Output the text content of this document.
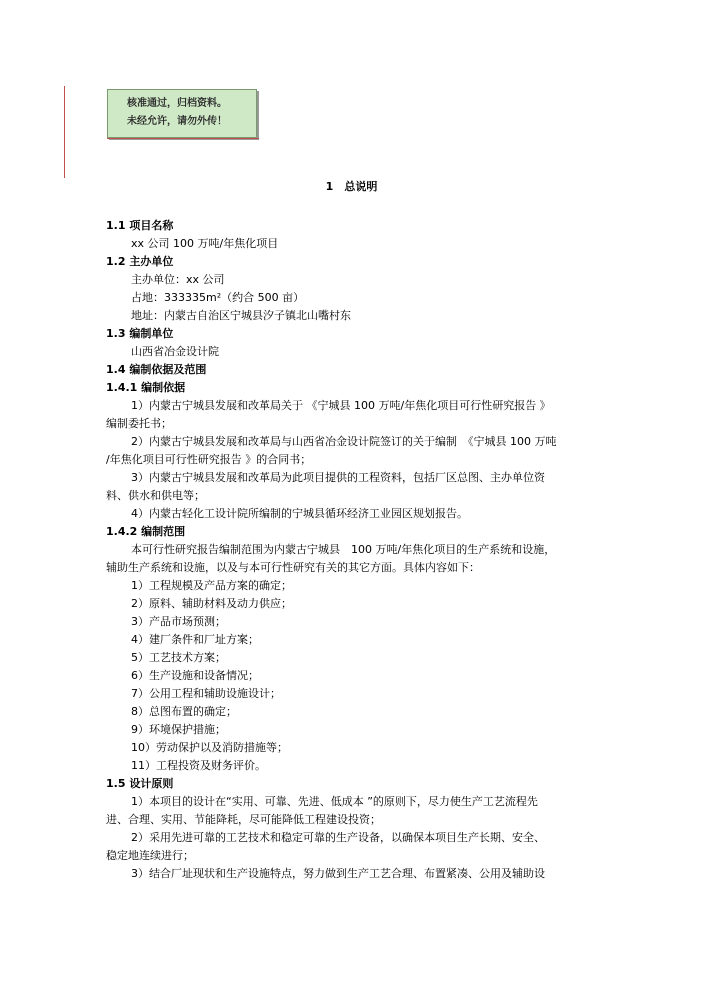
核准通过，归档资料。
未经允许，请勿外传！
1　总说明
1.1 项目名称
xx 公司 100 万吨/年焦化项目
1.2 主办单位
主办单位：xx 公司
占地：333335m²（约合 500 亩）
地址：内蒙古自治区宁城县汐子镇北山嘴村东
1.3 编制单位
山西省冶金设计院
1.4 编制依据及范围
1.4.1 编制依据
1）内蒙古宁城县发展和改革局关于 《宁城县 100 万吨/年焦化项目可行性研究报告 》
编制委托书；
2）内蒙古宁城县发展和改革局与山西省冶金设计院签订的关于编制　《宁城县 100 万吨
/年焦化项目可行性研究报告 》的合同书；
3）内蒙古宁城县发展和改革局为此项目提供的工程资料，包括厂区总图、主办单位资
料、供水和供电等；
4）内蒙古轻化工设计院所编制的宁城县循环经济工业园区规划报告。
1.4.2 编制范围
本可行性研究报告编制范围为内蒙古宁城县　100 万吨/年焦化项目的生产系统和设施，
辅助生产系统和设施，以及与本可行性研究有关的其它方面。具体内容如下：
1）工程规模及产品方案的确定；
2）原料、辅助材料及动力供应；
3）产品市场预测；
4）建厂条件和厂址方案；
5）工艺技术方案；
6）生产设施和设备情况；
7）公用工程和辅助设施设计；
8）总图布置的确定；
9）环境保护措施；
10）劳动保护以及消防措施等；
11）工程投资及财务评价。
1.5 设计原则
1）本项目的设计在“实用、可靠、先进、低成本 ”的原则下，尽力使生产工艺流程先
进、合理、实用、节能降耗，尽可能降低工程建设投资；
2）采用先进可靠的工艺技术和稳定可靠的生产设备，以确保本项目生产长期、安全、
稳定地连续进行；
3）结合厂址现状和生产设施特点，努力做到生产工艺合理、布置紧凑、公用及辅助设
